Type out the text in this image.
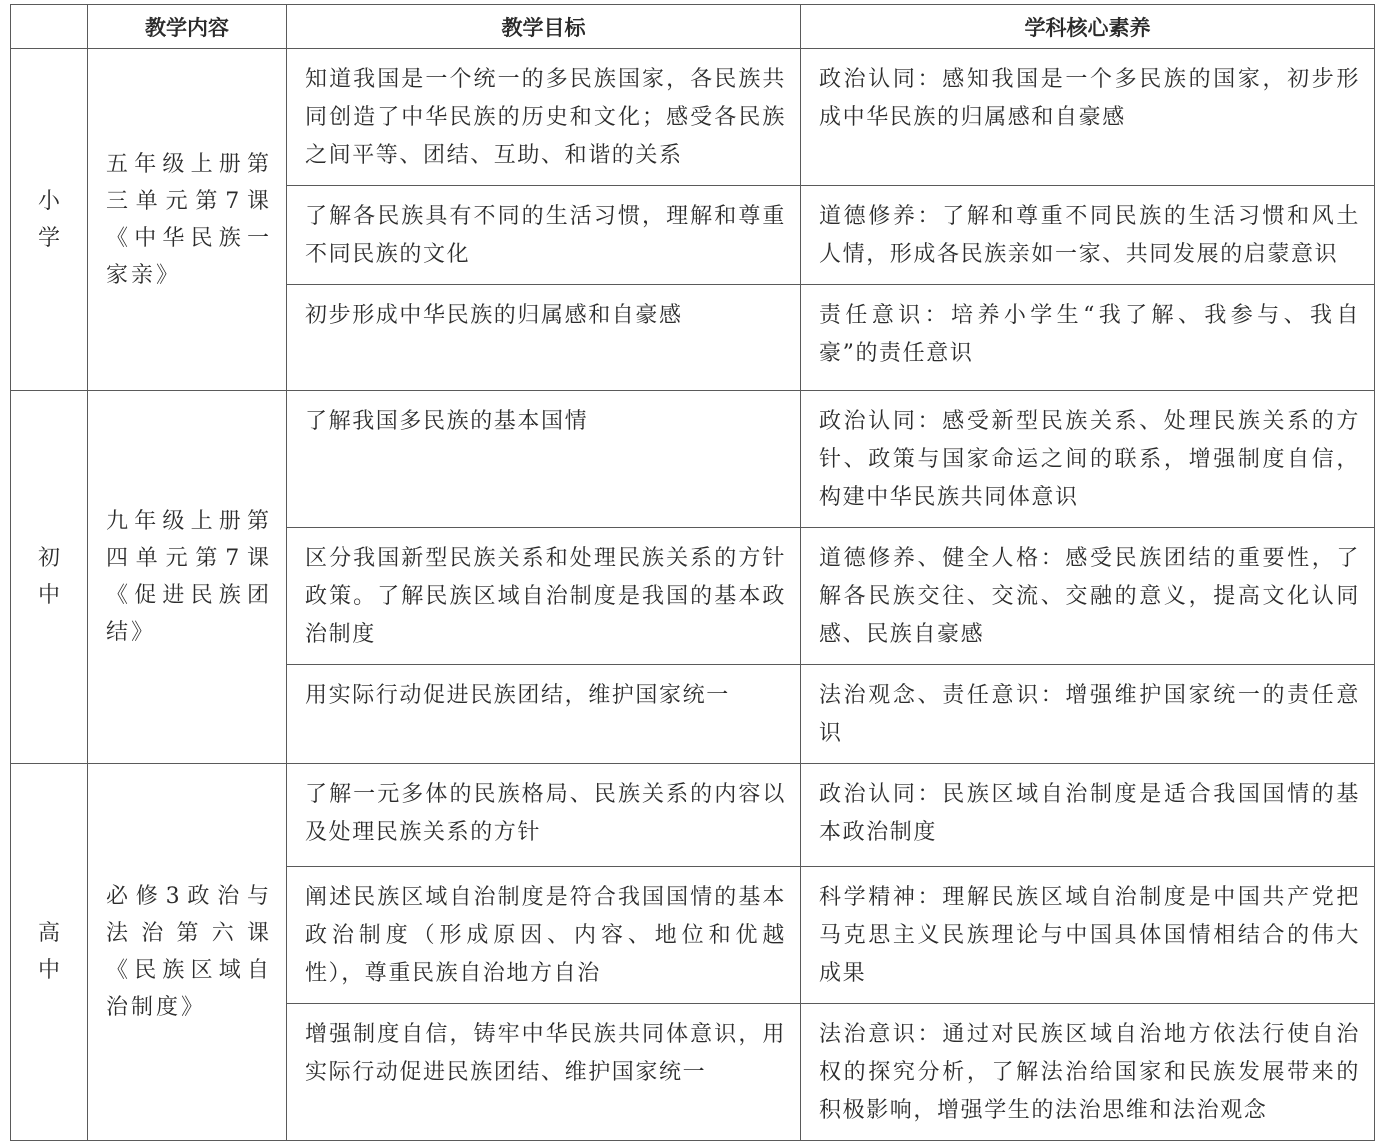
	教学内容	教学目标	学科核心素养
小学	五年级上册第三单元第7课《中华民族一家亲》	知道我国是一个统一的多民族国家，各民族共同创造了中华民族的历史和文化；感受各民族之间平等、团结、互助、和谐的关系	政治认同：感知我国是一个多民族的国家，初步形成中华民族的归属感和自豪感

		了解各民族具有不同的生活习惯，理解和尊重不同民族的文化	道德修养：了解和尊重不同民族的生活习惯和风土人情，形成各民族亲如一家、共同发展的启蒙意识

		初步形成中华民族的归属感和自豪感	责任意识：培养小学生“我了解、我参与、我自豪”的责任意识

初中	九年级上册第四单元第7课《促进民族团结》	了解我国多民族的基本国情	政治认同：感受新型民族关系、处理民族关系的方针、政策与国家命运之间的联系，增强制度自信，构建中华民族共同体意识

		区分我国新型民族关系和处理民族关系的方针政策。了解民族区域自治制度是我国的基本政治制度	道德修养、健全人格：感受民族团结的重要性，了解各民族交往、交流、交融的意义，提高文化认同感、民族自豪感

		用实际行动促进民族团结，维护国家统一	法治观念、责任意识：增强维护国家统一的责任意识

高中	必修3政治与法治第六课《民族区域自治制度》	了解一元多体的民族格局、民族关系的内容以及处理民族关系的方针	政治认同：民族区域自治制度是适合我国国情的基本政治制度

		阐述民族区域自治制度是符合我国国情的基本政治制度（形成原因、内容、地位和优越性），尊重民族自治地方自治	科学精神：理解民族区域自治制度是中国共产党把马克思主义民族理论与中国具体国情相结合的伟大成果

		增强制度自信，铸牢中华民族共同体意识，用实际行动促进民族团结、维护国家统一	法治意识：通过对民族区域自治地方依法行使自治权的探究分析，了解法治给国家和民族发展带来的积极影响，增强学生的法治思维和法治观念
